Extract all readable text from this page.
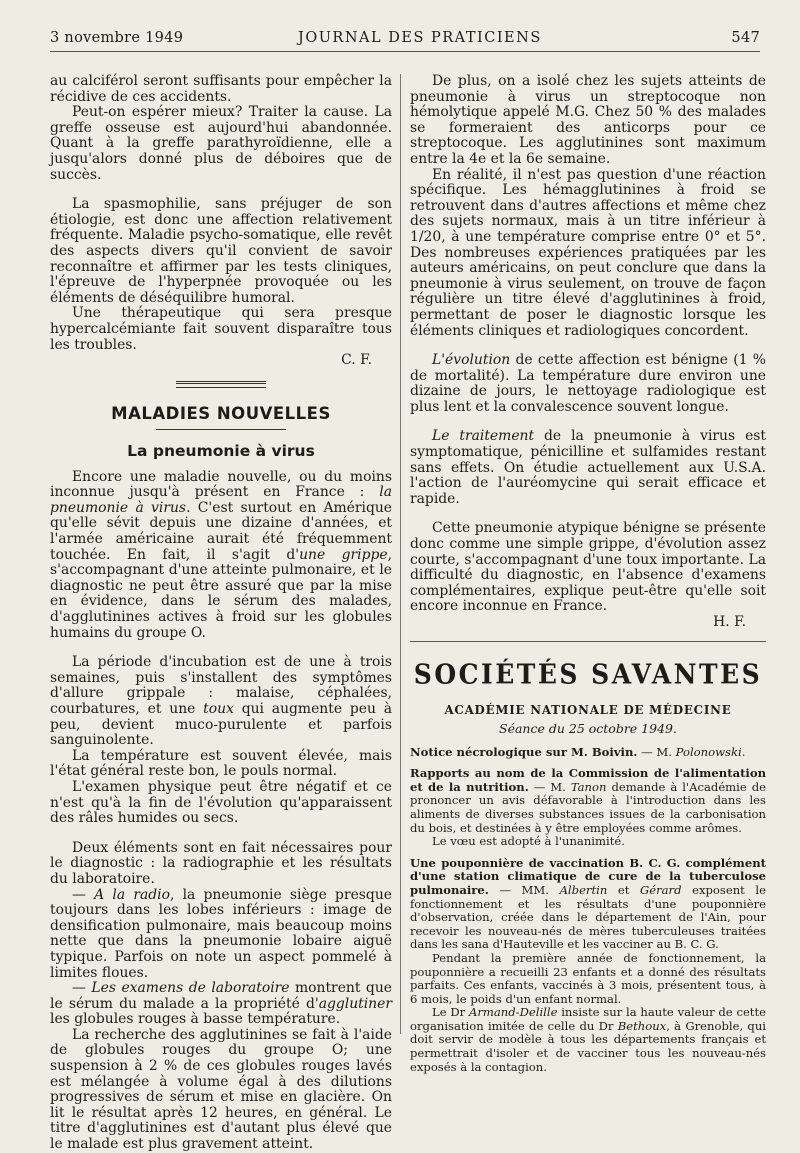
3 novembre 1949	JOURNAL DES PRATICIENS	547

au calciférol seront suffisants pour empêcher la récidive de ces accidents.

Peut-on espérer mieux? Traiter la cause. La greffe osseuse est aujourd'hui abandonnée. Quant à la greffe parathyroïdienne, elle a jusqu'alors donné plus de déboires que de succès.

La spasmophilie, sans préjuger de son étiologie, est donc une affection relativement fréquente. Maladie psycho-somatique, elle revêt des aspects divers qu'il convient de savoir reconnaître et affirmer par les tests cliniques, l'épreuve de l'hyperpnée provoquée ou les éléments de déséquilibre humoral.

Une thérapeutique qui sera presque hypercalcémiante fait souvent disparaître tous les troubles.

C. F.
MALADIES NOUVELLES
La pneumonie à virus

Encore une maladie nouvelle, ou du moins inconnue jusqu'à présent en France : la pneumonie à virus. C'est surtout en Amérique qu'elle sévit depuis une dizaine d'années, et l'armée américaine aurait été fréquemment touchée. En fait, il s'agit d'une grippe, s'accompagnant d'une atteinte pulmonaire, et le diagnostic ne peut être assuré que par la mise en évidence, dans le sérum des malades, d'agglutinines actives à froid sur les globules humains du groupe O.

La période d'incubation est de une à trois semaines, puis s'installent des symptômes d'allure grippale : malaise, céphalées, courbatures, et une toux qui augmente peu à peu, devient muco-purulente et parfois sanguinolente.

La température est souvent élevée, mais l'état général reste bon, le pouls normal.

L'examen physique peut être négatif et ce n'est qu'à la fin de l'évolution qu'apparaissent des râles humides ou secs.

Deux éléments sont en fait nécessaires pour le diagnostic : la radiographie et les résultats du laboratoire.

— A la radio, la pneumonie siège presque toujours dans les lobes inférieurs : image de densification pulmonaire, mais beaucoup moins nette que dans la pneumonie lobaire aiguë typique. Parfois on note un aspect pommelé à limites floues.

— Les examens de laboratoire montrent que le sérum du malade a la propriété d'agglutiner les globules rouges à basse température.

La recherche des agglutinines se fait à l'aide de globules rouges du groupe O; une suspension à 2 % de ces globules rouges lavés est mélangée à volume égal à des dilutions progressives de sérum et mise en glacière. On lit le résultat après 12 heures, en général. Le titre d'agglutinines est d'autant plus élevé que le malade est plus gravement atteint.

De plus, on a isolé chez les sujets atteints de pneumonie à virus un streptocoque non hémolytique appelé M.G. Chez 50 % des malades se formeraient des anticorps pour ce streptocoque. Les agglutinines sont maximum entre la 4e et la 6e semaine.

En réalité, il n'est pas question d'une réaction spécifique. Les hémagglutinines à froid se retrouvent dans d'autres affections et même chez des sujets normaux, mais à un titre inférieur à 1/20, à une température comprise entre 0° et 5°. Des nombreuses expériences pratiquées par les auteurs américains, on peut conclure que dans la pneumonie à virus seulement, on trouve de façon régulière un titre élevé d'agglutinines à froid, permettant de poser le diagnostic lorsque les éléments cliniques et radiologiques concordent.

L'évolution de cette affection est bénigne (1 % de mortalité). La température dure environ une dizaine de jours, le nettoyage radiologique est plus lent et la convalescence souvent longue.

Le traitement de la pneumonie à virus est symptomatique, pénicilline et sulfamides restant sans effets. On étudie actuellement aux U.S.A. l'action de l'auréomycine qui serait efficace et rapide.

Cette pneumonie atypique bénigne se présente donc comme une simple grippe, d'évolution assez courte, s'accompagnant d'une toux importante. La difficulté du diagnostic, en l'absence d'examens complémentaires, explique peut-être qu'elle soit encore inconnue en France.

H. F.
SOCIÉTÉS SAVANTES
ACADÉMIE NATIONALE DE MÉDECINE
Séance du 25 octobre 1949.

Notice nécrologique sur M. Boivin. — M. Polonowski.

Rapports au nom de la Commission de l'alimentation et de la nutrition. — M. Tanon demande à l'Académie de prononcer un avis défavorable à l'introduction dans les aliments de diverses substances issues de la carbonisation du bois, et destinées à y être employées comme arômes.

Le vœu est adopté à l'unanimité.

Une pouponnière de vaccination B. C. G. complément d'une station climatique de cure de la tuberculose pulmonaire. — MM. Albertin et Gérard exposent le fonctionnement et les résultats d'une pouponnière d'observation, créée dans le département de l'Ain, pour recevoir les nouveau-nés de mères tuberculeuses traitées dans les sana d'Hauteville et les vacciner au B. C. G.

Pendant la première année de fonctionnement, la pouponnière a recueilli 23 enfants et a donné des résultats parfaits. Ces enfants, vaccinés à 3 mois, présentent tous, à 6 mois, le poids d'un enfant normal.

Le Dr Armand-Delille insiste sur la haute valeur de cette organisation imitée de celle du Dr Bethoux, à Grenoble, qui doit servir de modèle à tous les départements français et permettrait d'isoler et de vacciner tous les nouveau-nés exposés à la contagion.
